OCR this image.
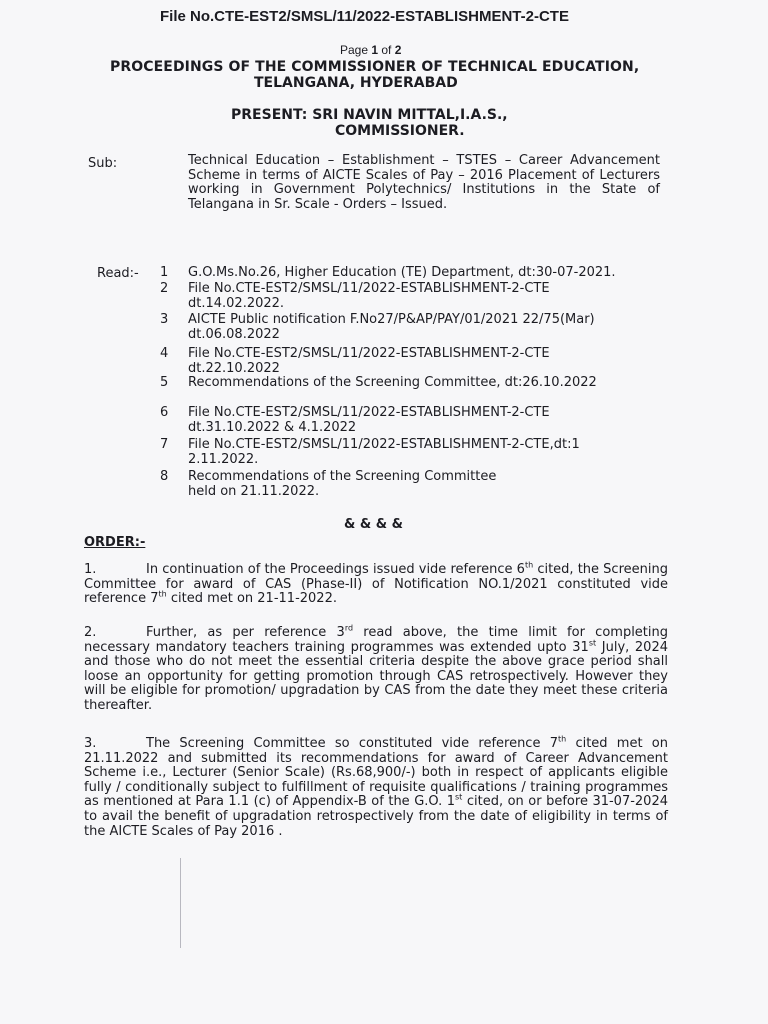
File No.CTE-EST2/SMSL/11/2022-ESTABLISHMENT-2-CTE
Page 1 of 2
PROCEEDINGS OF THE COMMISSIONER OF TECHNICAL EDUCATION,
TELANGANA, HYDERABAD
PRESENT: SRI NAVIN MITTAL,I.A.S.,
COMMISSIONER.
Sub:	Technical Education – Establishment – TSTES – Career Advancement Scheme in terms of AICTE Scales of Pay – 2016 Placement of Lecturers working in Government Polytechnics/ Institutions in the State of Telangana in Sr. Scale - Orders – Issued.
Read:- 1 G.O.Ms.No.26, Higher Education (TE) Department, dt:30-07-2021.
2 File No.CTE-EST2/SMSL/11/2022-ESTABLISHMENT-2-CTE dt.14.02.2022.
3 AICTE Public notification F.No27/P&AP/PAY/01/2021 22/75(Mar) dt.06.08.2022
4 File No.CTE-EST2/SMSL/11/2022-ESTABLISHMENT-2-CTE dt.22.10.2022
5 Recommendations of the Screening Committee, dt:26.10.2022
6 File No.CTE-EST2/SMSL/11/2022-ESTABLISHMENT-2-CTE dt.31.10.2022 & 4.1.2022
7 File No.CTE-EST2/SMSL/11/2022-ESTABLISHMENT-2-CTE,dt:12.11.2022.
8 Recommendations of the Screening Committee held on 21.11.2022.
& & & &
ORDER:-
1.	In continuation of the Proceedings issued vide reference 6th cited, the Screening Committee for award of CAS (Phase-II) of Notification NO.1/2021 constituted vide reference 7th cited met on 21-11-2022.
2.	Further, as per reference 3rd read above, the time limit for completing necessary mandatory teachers training programmes was extended upto 31st July, 2024 and those who do not meet the essential criteria despite the above grace period shall loose an opportunity for getting promotion through CAS retrospectively. However they will be eligible for promotion/ upgradation by CAS from the date they meet these criteria thereafter.
3.	The Screening Committee so constituted vide reference 7th cited met on 21.11.2022 and submitted its recommendations for award of Career Advancement Scheme i.e., Lecturer (Senior Scale) (Rs.68,900/-) both in respect of applicants eligible fully / conditionally subject to fulfillment of requisite qualifications / training programmes as mentioned at Para 1.1 (c) of Appendix-B of the G.O. 1st cited, on or before 31-07-2024 to avail the benefit of upgradation retrospectively from the date of eligibility in terms of the AICTE Scales of Pay 2016 .
